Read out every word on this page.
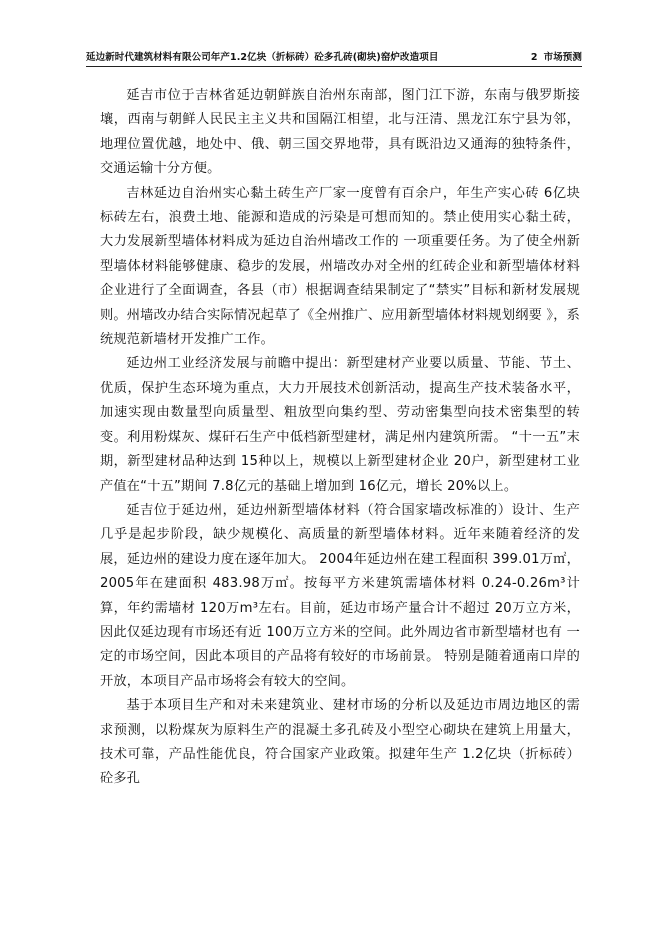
延边新时代建筑材料有限公司年产1.2亿块（折标砖）砼多孔砖(砌块)窑炉改造项目	2 市场预测

延吉市位于吉林省延边朝鲜族自治州东南部，图门江下游，东南与俄罗斯接壤，西南与朝鲜人民民主主义共和国隔江相望，北与汪清、黑龙江东宁县为邻，地理位置优越，地处中、俄、朝三国交界地带，具有既沿边又通海的独特条件，交通运输十分方便。

吉林延边自治州实心黏土砖生产厂家一度曾有百余户，年生产实心砖 6亿块标砖左右，浪费土地、能源和造成的污染是可想而知的。禁止使用实心黏土砖，大力发展新型墙体材料成为延边自治州墙改工作的 一项重要任务。为了使全州新型墙体材料能够健康、稳步的发展，州墙改办对全州的红砖企业和新型墙体材料企业进行了全面调查，各县（市）根据调查结果制定了“禁实”目标和新材发展规则。州墙改办结合实际情况起草了《全州推广、应用新型墙体材料规划纲要 》，系统规范新墙材开发推广工作。

延边州工业经济发展与前瞻中提出：新型建材产业要以质量、节能、节土、优质，保护生态环境为重点，大力开展技术创新活动，提高生产技术装备水平，加速实现由数量型向质量型、粗放型向集约型、劳动密集型向技术密集型的转变。利用粉煤灰、煤矸石生产中低档新型建材，满足州内建筑所需。 “十一五”末期，新型建材品种达到 15种以上，规模以上新型建材企业 20户，新型建材工业产值在“十五”期间 7.8亿元的基础上增加到 16亿元，增长 20%以上。

延吉位于延边州，延边州新型墙体材料（符合国家墙改标准的）设计、生产几乎是起步阶段，缺少规模化、高质量的新型墙体材料。近年来随着经济的发展，延边州的建设力度在逐年加大。 2004年延边州在建工程面积 399.01万㎡，2005年在建面积 483.98万㎡。按每平方米建筑需墙体材料 0.24-0.26m³计算，年约需墙材 120万m³左右。目前，延边市场产量合计不超过 20万立方米，因此仅延边现有市场还有近 100万立方米的空间。此外周边省市新型墙材也有 一定的市场空间，因此本项目的产品将有较好的市场前景。 特别是随着通南口岸的开放，本项目产品市场将会有较大的空间。

基于本项目生产和对未来建筑业、建材市场的分析以及延边市周边地区的需求预测，以粉煤灰为原料生产的混凝土多孔砖及小型空心砌块在建筑上用量大，技术可靠，产品性能优良，符合国家产业政策。拟建年生产 1.2亿块（折标砖）砼多孔
